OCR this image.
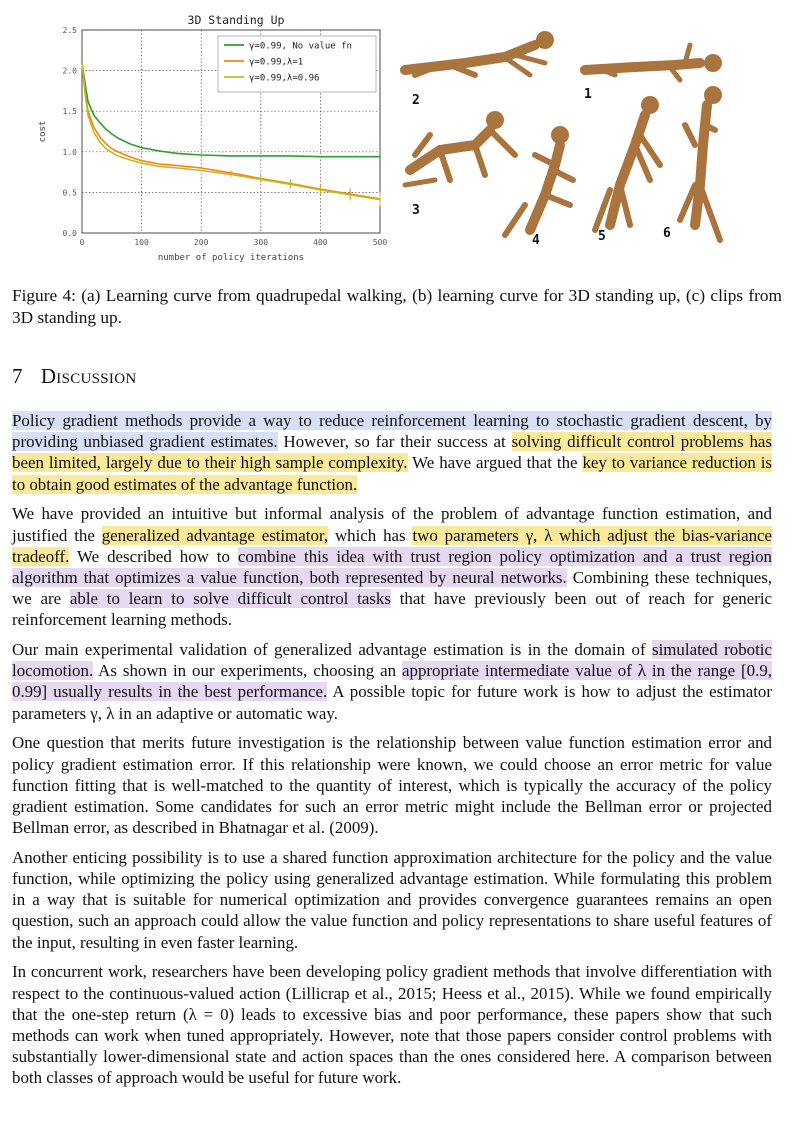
0	100	200	300	400	500
0.0
0.5
1.0
1.5
2.0
2.5
3D Standing Up
number of policy iterations
cost
γ=0.99, No value fn
γ=0.99,λ=1
γ=0.99,λ=0.96
2	1
3
4	5	6
Figure 4: (a) Learning curve from quadrupedal walking, (b) learning curve for 3D standing up, (c) clips from 3D standing up.
7 Discussion

Policy gradient methods provide a way to reduce reinforcement learning to stochastic gradient descent, by providing unbiased gradient estimates. However, so far their success at solving difficult control problems has been limited, largely due to their high sample complexity. We have argued that the key to variance reduction is to obtain good estimates of the advantage function.

We have provided an intuitive but informal analysis of the problem of advantage function estimation, and justified the generalized advantage estimator, which has two parameters γ, λ which adjust the bias-variance tradeoff. We described how to combine this idea with trust region policy optimization and a trust region algorithm that optimizes a value function, both represented by neural networks. Combining these techniques, we are able to learn to solve difficult control tasks that have previously been out of reach for generic reinforcement learning methods.

Our main experimental validation of generalized advantage estimation is in the domain of simulated robotic locomotion. As shown in our experiments, choosing an appropriate intermediate value of λ in the range [0.9, 0.99] usually results in the best performance. A possible topic for future work is how to adjust the estimator parameters γ, λ in an adaptive or automatic way.

One question that merits future investigation is the relationship between value function estimation error and policy gradient estimation error. If this relationship were known, we could choose an error metric for value function fitting that is well-matched to the quantity of interest, which is typically the accuracy of the policy gradient estimation. Some candidates for such an error metric might include the Bellman error or projected Bellman error, as described in Bhatnagar et al. (2009).

Another enticing possibility is to use a shared function approximation architecture for the policy and the value function, while optimizing the policy using generalized advantage estimation. While formulating this problem in a way that is suitable for numerical optimization and provides convergence guarantees remains an open question, such an approach could allow the value function and policy representations to share useful features of the input, resulting in even faster learning.

In concurrent work, researchers have been developing policy gradient methods that involve differentiation with respect to the continuous-valued action (Lillicrap et al., 2015; Heess et al., 2015). While we found empirically that the one-step return (λ = 0) leads to excessive bias and poor performance, these papers show that such methods can work when tuned appropriately. However, note that those papers consider control problems with substantially lower-dimensional state and action spaces than the ones considered here. A comparison between both classes of approach would be useful for future work.
